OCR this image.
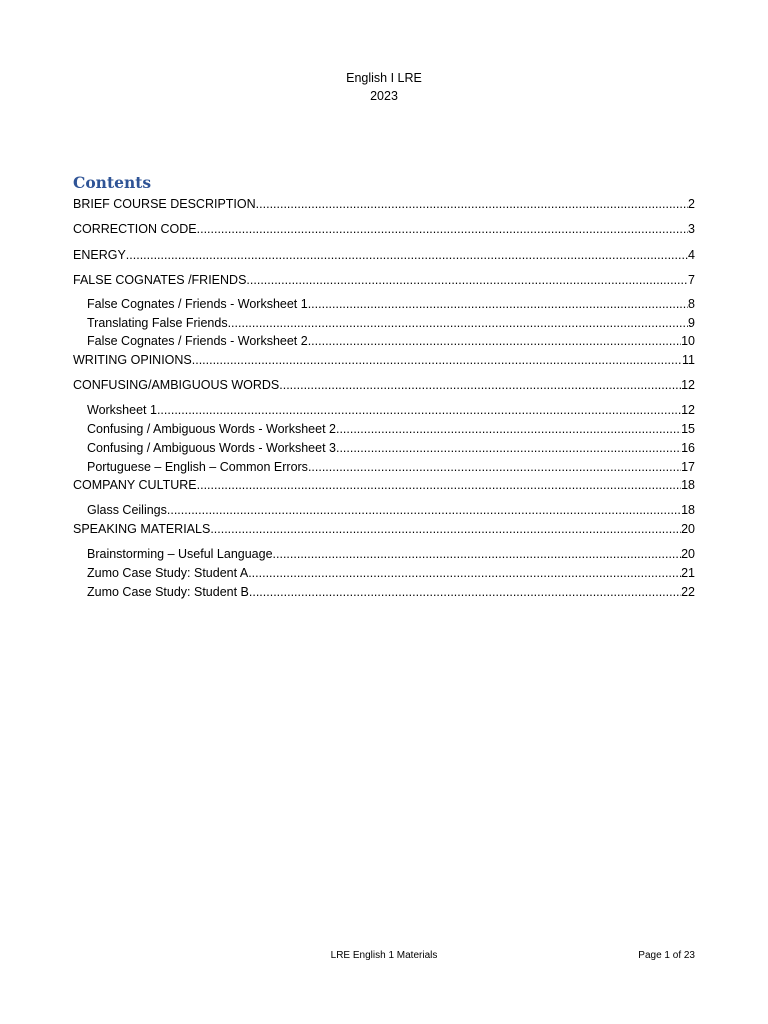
English I LRE
2023
Contents
BRIEF COURSE DESCRIPTION .....	2
CORRECTION CODE .....	3
ENERGY .....	4
FALSE COGNATES /FRIENDS .....	7
False Cognates / Friends - Worksheet 1 .....	8
Translating False Friends .....	9
False Cognates / Friends - Worksheet 2 .....	10
WRITING OPINIONS .....	11
CONFUSING/AMBIGUOUS WORDS .....	12
Worksheet 1 .....	12
Confusing / Ambiguous Words - Worksheet 2 .....	15
Confusing / Ambiguous Words - Worksheet 3 .....	16
Portuguese – English – Common Errors .....	17
COMPANY CULTURE .....	18
Glass Ceilings .....	18
SPEAKING MATERIALS .....	20
Brainstorming – Useful Language .....	20
Zumo Case Study: Student A .....	21
Zumo Case Study: Student B .....	22
LRE English 1 Materials	Page 1 of 23
